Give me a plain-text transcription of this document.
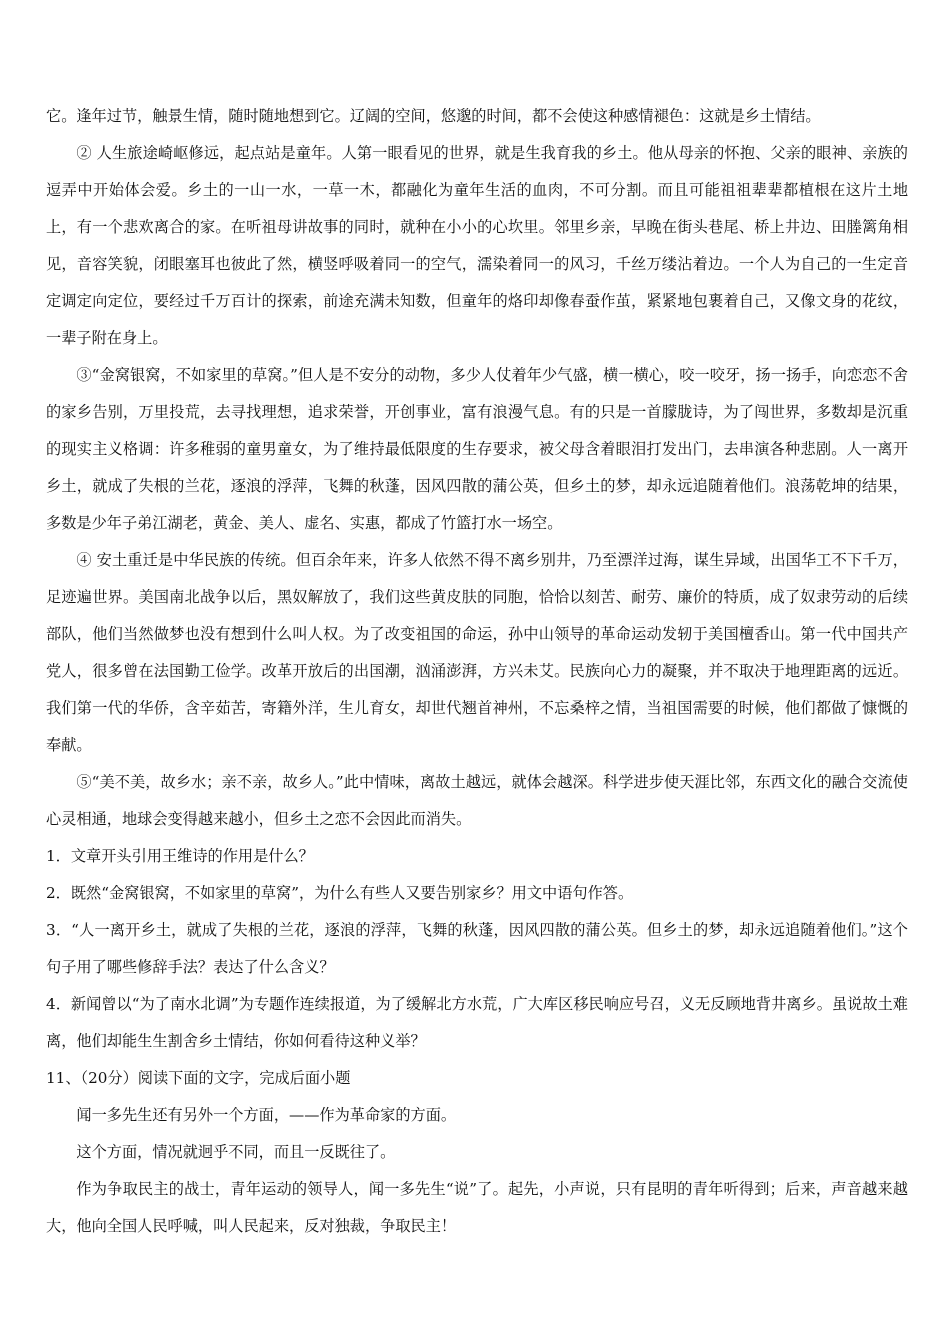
它。逢年过节，触景生情，随时随地想到它。辽阔的空间，悠邈的时间，都不会使这种感情褪色：这就是乡土情结。

② 人生旅途崎岖修远，起点站是童年。人第一眼看见的世界，就是生我育我的乡土。他从母亲的怀抱、父亲的眼神、亲族的逗弄中开始体会爱。乡土的一山一水，一草一木，都融化为童年生活的血肉，不可分割。而且可能祖祖辈辈都植根在这片土地上，有一个悲欢离合的家。在听祖母讲故事的同时，就种在小小的心坎里。邻里乡亲，早晚在街头巷尾、桥上井边、田塍篱角相见，音容笑貌，闭眼塞耳也彼此了然，横竖呼吸着同一的空气，濡染着同一的风习，千丝万缕沾着边。一个人为自己的一生定音定调定向定位，要经过千万百计的探索，前途充满未知数，但童年的烙印却像春蚕作茧，紧紧地包裹着自己，又像文身的花纹，一辈子附在身上。

③“金窝银窝，不如家里的草窝。”但人是不安分的动物，多少人仗着年少气盛，横一横心，咬一咬牙，扬一扬手，向恋恋不舍的家乡告别，万里投荒，去寻找理想，追求荣誉，开创事业，富有浪漫气息。有的只是一首朦胧诗，为了闯世界，多数却是沉重的现实主义格调：许多稚弱的童男童女，为了维持最低限度的生存要求，被父母含着眼泪打发出门，去串演各种悲剧。人一离开乡土，就成了失根的兰花，逐浪的浮萍，飞舞的秋蓬，因风四散的蒲公英，但乡土的梦，却永远追随着他们。浪荡乾坤的结果，多数是少年子弟江湖老，黄金、美人、虚名、实惠，都成了竹篮打水一场空。

④ 安土重迁是中华民族的传统。但百余年来，许多人依然不得不离乡别井，乃至漂洋过海，谋生异域，出国华工不下千万，足迹遍世界。美国南北战争以后，黑奴解放了，我们这些黄皮肤的同胞，恰恰以刻苦、耐劳、廉价的特质，成了奴隶劳动的后续部队，他们当然做梦也没有想到什么叫人权。为了改变祖国的命运，孙中山领导的革命运动发轫于美国檀香山。第一代中国共产党人，很多曾在法国勤工俭学。改革开放后的出国潮，汹涌澎湃，方兴未艾。民族向心力的凝聚，并不取决于地理距离的远近。我们第一代的华侨，含辛茹苦，寄籍外洋，生儿育女，却世代翘首神州，不忘桑梓之情，当祖国需要的时候，他们都做了慷慨的奉献。

⑤“美不美，故乡水；亲不亲，故乡人。”此中情味，离故土越远，就体会越深。科学进步使天涯比邻，东西文化的融合交流使心灵相通，地球会变得越来越小，但乡土之恋不会因此而消失。

1．文章开头引用王维诗的作用是什么？

2．既然“金窝银窝，不如家里的草窝”，为什么有些人又要告别家乡？用文中语句作答。

3．“人一离开乡土，就成了失根的兰花，逐浪的浮萍，飞舞的秋蓬，因风四散的蒲公英。但乡土的梦，却永远追随着他们。”这个句子用了哪些修辞手法？表达了什么含义？

4．新闻曾以“为了南水北调”为专题作连续报道，为了缓解北方水荒，广大库区移民响应号召，义无反顾地背井离乡。虽说故土难离，他们却能生生割舍乡土情结，你如何看待这种义举？

11、（20分）阅读下面的文字，完成后面小题

闻一多先生还有另外一个方面，——作为革命家的方面。

这个方面，情况就迥乎不同，而且一反既往了。

作为争取民主的战士，青年运动的领导人，闻一多先生“说”了。起先，小声说，只有昆明的青年听得到；后来，声音越来越大，他向全国人民呼喊，叫人民起来，反对独裁，争取民主！
